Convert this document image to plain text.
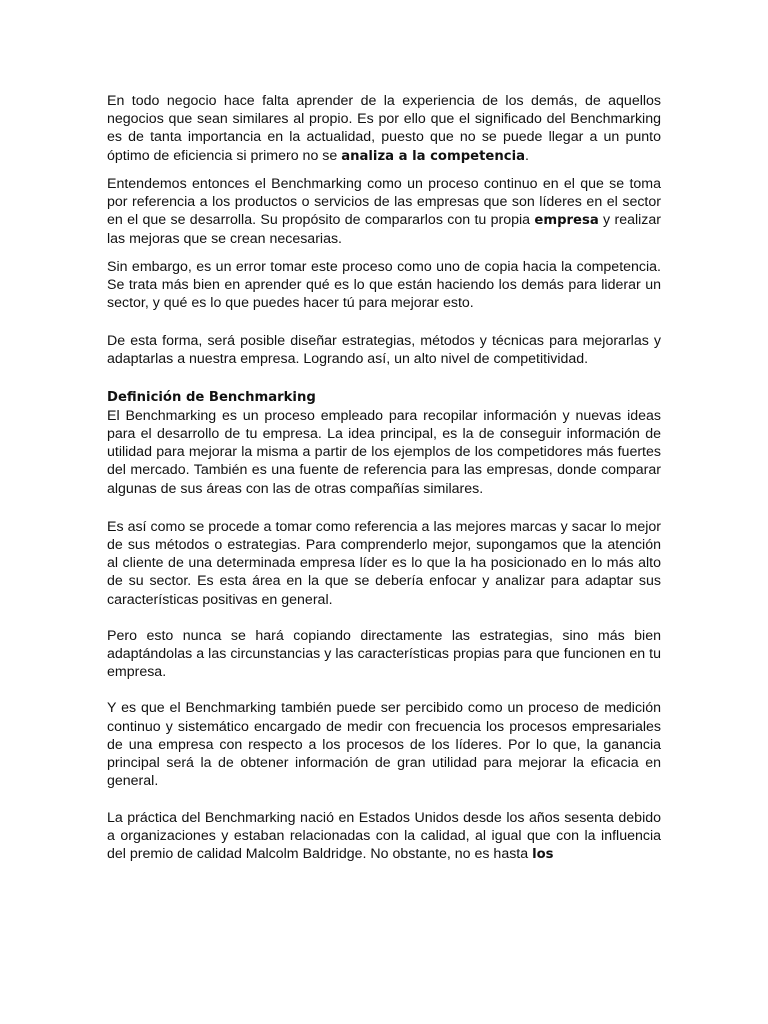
En todo negocio hace falta aprender de la experiencia de los demás, de aquellos negocios que sean similares al propio. Es por ello que el significado del Benchmarking es de tanta importancia en la actualidad, puesto que no se puede llegar a un punto óptimo de eficiencia si primero no se analiza a la competencia.

Entendemos entonces el Benchmarking como un proceso continuo en el que se toma por referencia a los productos o servicios de las empresas que son líderes en el sector en el que se desarrolla. Su propósito de compararlos con tu propia empresa y realizar las mejoras que se crean necesarias.

Sin embargo, es un error tomar este proceso como uno de copia hacia la competencia. Se trata más bien en aprender qué es lo que están haciendo los demás para liderar un sector, y qué es lo que puedes hacer tú para mejorar esto.

De esta forma, será posible diseñar estrategias, métodos y técnicas para mejorarlas y adaptarlas a nuestra empresa. Logrando así, un alto nivel de competitividad.

Definición de Benchmarking
El Benchmarking es un proceso empleado para recopilar información y nuevas ideas para el desarrollo de tu empresa. La idea principal, es la de conseguir información de utilidad para mejorar la misma a partir de los ejemplos de los competidores más fuertes del mercado. También es una fuente de referencia para las empresas, donde comparar algunas de sus áreas con las de otras compañías similares.

Es así como se procede a tomar como referencia a las mejores marcas y sacar lo mejor de sus métodos o estrategias. Para comprenderlo mejor, supongamos que la atención al cliente de una determinada empresa líder es lo que la ha posicionado en lo más alto de su sector. Es esta área en la que se debería enfocar y analizar para adaptar sus características positivas en general.

Pero esto nunca se hará copiando directamente las estrategias, sino más bien adaptándolas a las circunstancias y las características propias para que funcionen en tu empresa.

Y es que el Benchmarking también puede ser percibido como un proceso de medición continuo y sistemático encargado de medir con frecuencia los procesos empresariales de una empresa con respecto a los procesos de los líderes. Por lo que, la ganancia principal será la de obtener información de gran utilidad para mejorar la eficacia en general.

La práctica del Benchmarking nació en Estados Unidos desde los años sesenta debido a organizaciones y estaban relacionadas con la calidad, al igual que con la influencia del premio de calidad Malcolm Baldridge. No obstante, no es hasta los
